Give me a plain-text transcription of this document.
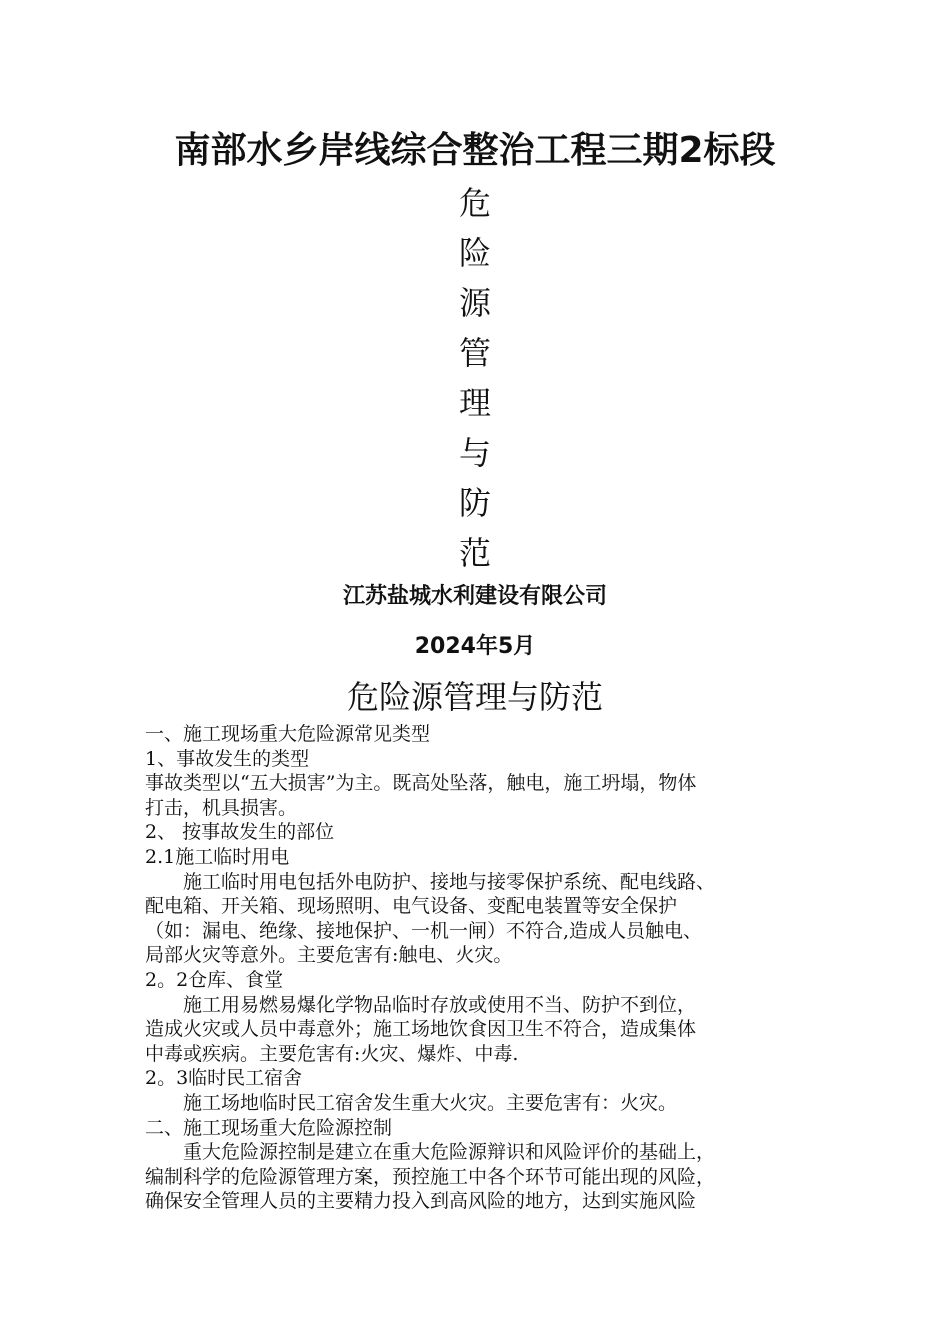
南部水乡岸线综合整治工程三期2标段
危
险
源
管
理
与
防
范
江苏盐城水利建设有限公司
2024年5月
危险源管理与防范

一、施工现场重大危险源常见类型

1、事故发生的类型

事故类型以“五大损害”为主。既高处坠落，触电，施工坍塌，物体

打击，机具损害。

2、 按事故发生的部位

2.1施工临时用电

施工临时用电包括外电防护、接地与接零保护系统、配电线路、

配电箱、开关箱、现场照明、电气设备、变配电装置等安全保护

（如：漏电、绝缘、接地保护、一机一闸）不符合,造成人员触电、

局部火灾等意外。主要危害有:触电、火灾。

2。2仓库、食堂

施工用易燃易爆化学物品临时存放或使用不当、防护不到位，

造成火灾或人员中毒意外；施工场地饮食因卫生不符合，造成集体

中毒或疾病。主要危害有:火灾、爆炸、中毒.

2。3临时民工宿舍

施工场地临时民工宿舍发生重大火灾。主要危害有：火灾。

二、施工现场重大危险源控制

重大危险源控制是建立在重大危险源辩识和风险评价的基础上，

编制科学的危险源管理方案，预控施工中各个环节可能出现的风险，

确保安全管理人员的主要精力投入到高风险的地方，达到实施风险
